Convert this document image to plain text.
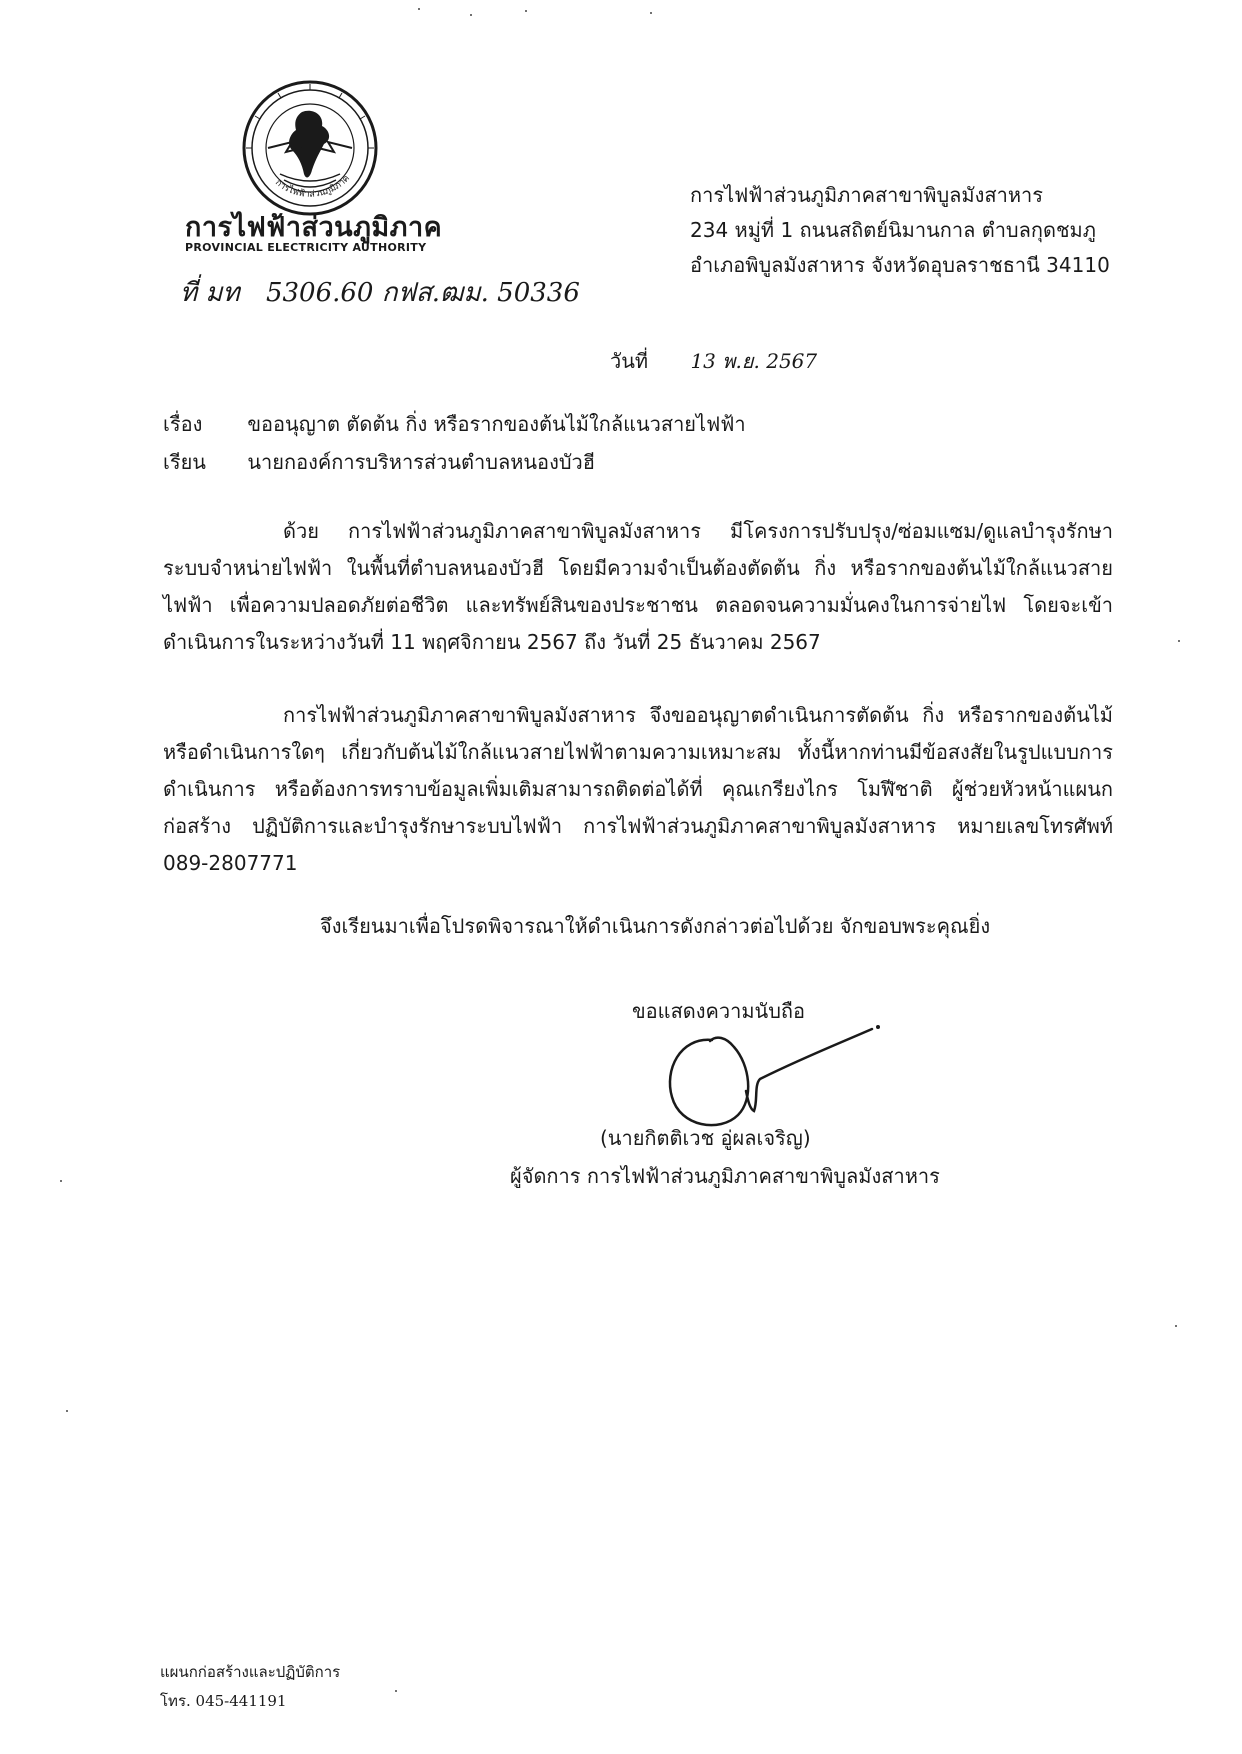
การไฟฟ้าส่วนภูมิภาค
การไฟฟ้าส่วนภูมิภาค
PROVINCIAL ELECTRICITY AUTHORITY
ที่ มท 5306.60 กฟส.ฒม. 50336
การไฟฟ้าส่วนภูมิภาคสาขาพิบูลมังสาหาร
234 หมู่ที่ 1 ถนนสถิตย์นิมานกาล ตำบลกุดชมภู
อำเภอพิบูลมังสาหาร จังหวัดอุบลราชธานี 34110
วันที่ 13 พ.ย. 2567
เรื่อง ขออนุญาต ตัดต้น กิ่ง หรือรากของต้นไม้ใกล้แนวสายไฟฟ้า
เรียน นายกองค์การบริหารส่วนตำบลหนองบัวฮี

ด้วย การไฟฟ้าส่วนภูมิภาคสาขาพิบูลมังสาหาร มีโครงการปรับปรุง/ซ่อมแซม/ดูแลบำรุงรักษาระบบจำหน่ายไฟฟ้า ในพื้นที่ตำบลหนองบัวฮี โดยมีความจำเป็นต้องตัดต้น กิ่ง หรือรากของต้นไม้ใกล้แนวสายไฟฟ้า เพื่อความปลอดภัยต่อชีวิต และทรัพย์สินของประชาชน ตลอดจนความมั่นคงในการจ่ายไฟ โดยจะเข้าดำเนินการในระหว่างวันที่ 11 พฤศจิกายน 2567 ถึง วันที่ 25 ธันวาคม 2567

การไฟฟ้าส่วนภูมิภาคสาขาพิบูลมังสาหาร จึงขออนุญาตดำเนินการตัดต้น กิ่ง หรือรากของต้นไม้ หรือดำเนินการใดๆ เกี่ยวกับต้นไม้ใกล้แนวสายไฟฟ้าตามความเหมาะสม ทั้งนี้หากท่านมีข้อสงสัยในรูปแบบการดำเนินการ หรือต้องการทราบข้อมูลเพิ่มเติมสามารถติดต่อได้ที่ คุณเกรียงไกร โมฬีชาติ ผู้ช่วยหัวหน้าแผนกก่อสร้าง ปฏิบัติการและบำรุงรักษาระบบไฟฟ้า การไฟฟ้าส่วนภูมิภาคสาขาพิบูลมังสาหาร หมายเลขโทรศัพท์ 089-2807771

จึงเรียนมาเพื่อโปรดพิจารณาให้ดำเนินการดังกล่าวต่อไปด้วย จักขอบพระคุณยิ่ง
ขอแสดงความนับถือ
(นายกิตติเวช อู่ผลเจริญ)
ผู้จัดการ การไฟฟ้าส่วนภูมิภาคสาขาพิบูลมังสาหาร
แผนกก่อสร้างและปฏิบัติการ
โทร. 045-441191
